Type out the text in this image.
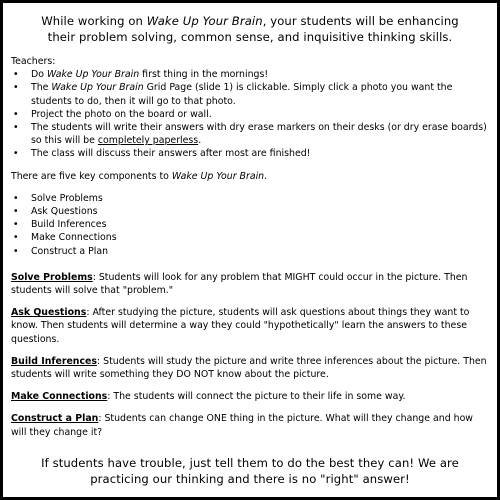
While working on Wake Up Your Brain, your students will be enhancing
their problem solving, common sense, and inquisitive thinking skills.
Teachers:
• Do Wake Up Your Brain first thing in the mornings!
• The Wake Up Your Brain Grid Page (slide 1) is clickable. Simply click a photo you want the students to do, then it will go to that photo.
• Project the photo on the board or wall.
• The students will write their answers with dry erase markers on their desks (or dry erase boards) so this will be completely paperless.
• The class will discuss their answers after most are finished!
There are five key components to Wake Up Your Brain.
• Solve Problems
• Ask Questions
• Build Inferences
• Make Connections
• Construct a Plan
Solve Problems: Students will look for any problem that MIGHT could occur in the picture. Then students will solve that "problem."
Ask Questions: After studying the picture, students will ask questions about things they want to know. Then students will determine a way they could "hypothetically" learn the answers to these questions.
Build Inferences: Students will study the picture and write three inferences about the picture. Then students will write something they DO NOT know about the picture.
Make Connections: The students will connect the picture to their life in some way.
Construct a Plan: Students can change ONE thing in the picture. What will they change and how will they change it?
If students have trouble, just tell them to do the best they can! We are
practicing our thinking and there is no "right" answer!
